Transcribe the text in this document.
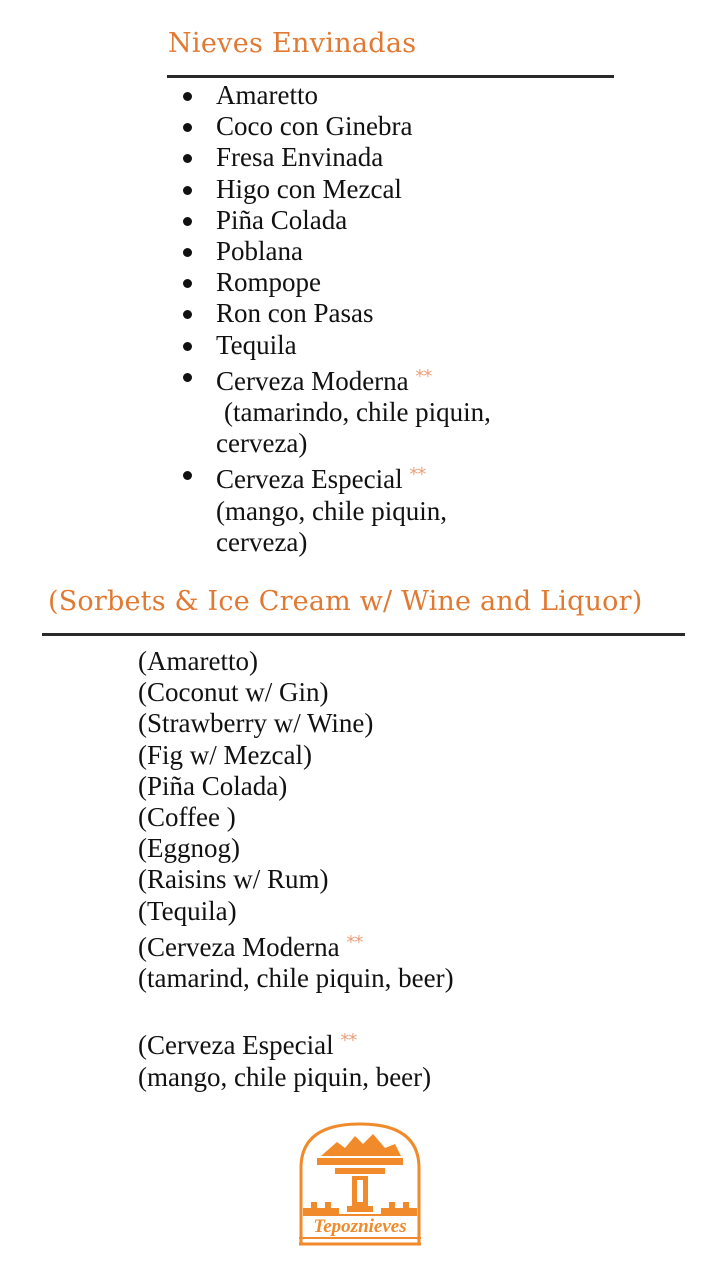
Nieves Envinadas
Amaretto
Coco con Ginebra
Fresa Envinada
Higo con Mezcal
Piña Colada
Poblana
Rompope
Ron con Pasas
Tequila
Cerveza Moderna **
(tamarindo, chile piquin,
cerveza)
Cerveza Especial **
(mango, chile piquin,
cerveza)
(Sorbets & Ice Cream w/ Wine and Liquor)
(Amaretto)
(Coconut w/ Gin)
(Strawberry w/ Wine)
(Fig w/ Mezcal)
(Piña Colada)
(Coffee )
(Eggnog)
(Raisins w/ Rum)
(Tequila)
(Cerveza Moderna **
(tamarind, chile piquin, beer)
(Cerveza Especial **
(mango, chile piquin, beer)
Tepoznieves
